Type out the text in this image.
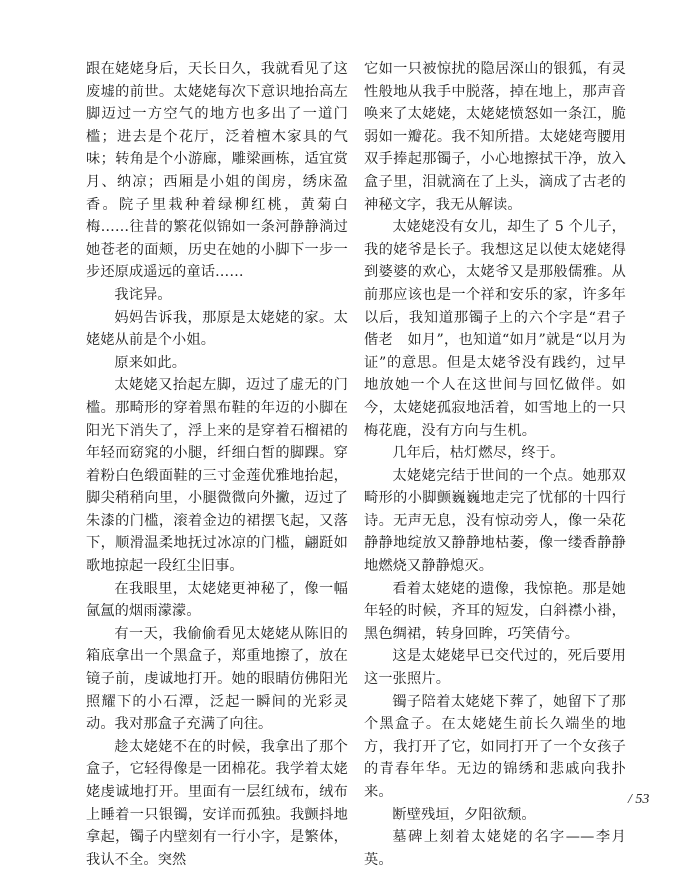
跟在姥姥身后，天长日久，我就看见了这废墟的前世。太姥姥每次下意识地抬高左脚迈过一方空气的地方也多出了一道门槛；进去是个花厅，泛着檀木家具的气味；转角是个小游廊，雕梁画栋，适宜赏月、纳凉；西厢是小姐的闺房，绣床盈香。院子里栽种着绿柳红桃，黄菊白梅……往昔的繁花似锦如一条河静静淌过她苍老的面颊，历史在她的小脚下一步一步还原成遥远的童话……

我诧异。

妈妈告诉我，那原是太姥姥的家。太姥姥从前是个小姐。

原来如此。

太姥姥又抬起左脚，迈过了虚无的门槛。那畸形的穿着黑布鞋的年迈的小脚在阳光下消失了，浮上来的是穿着石榴裙的年轻而窈窕的小腿，纤细白皙的脚踝。穿着粉白色缎面鞋的三寸金莲优雅地抬起，脚尖稍稍向里，小腿微微向外撇，迈过了朱漆的门槛，滚着金边的裙摆飞起，又落下，顺滑温柔地抚过冰凉的门槛，翩跹如歌地掠起一段红尘旧事。

在我眼里，太姥姥更神秘了，像一幅氤氲的烟雨濛濛。

有一天，我偷偷看见太姥姥从陈旧的箱底拿出一个黑盒子，郑重地擦了，放在镜子前，虔诚地打开。她的眼睛仿佛阳光照耀下的小石潭，泛起一瞬间的光彩灵动。我对那盒子充满了向往。

趁太姥姥不在的时候，我拿出了那个盒子，它轻得像是一团棉花。我学着太姥姥虔诚地打开。里面有一层红绒布，绒布上睡着一只银镯，安详而孤独。我颤抖地拿起，镯子内壁刻有一行小字，是繁体，我认不全。突然

它如一只被惊扰的隐居深山的银狐，有灵性般地从我手中脱落，掉在地上，那声音唤来了太姥姥，太姥姥愤怒如一条江，脆弱如一瓣花。我不知所措。太姥姥弯腰用双手捧起那镯子，小心地擦拭干净，放入盒子里，泪就滴在了上头，滴成了古老的神秘文字，我无从解读。

太姥姥没有女儿，却生了 5 个儿子，我的姥爷是长子。我想这足以使太姥姥得到婆婆的欢心，太姥爷又是那般儒雅。从前那应该也是一个祥和安乐的家，许多年以后，我知道那镯子上的六个字是“君子偕老　如月”，也知道“如月”就是“以月为证”的意思。但是太姥爷没有践约，过早地放她一个人在这世间与回忆做伴。如今，太姥姥孤寂地活着，如雪地上的一只梅花鹿，没有方向与生机。

几年后，枯灯燃尽，终于。

太姥姥完结于世间的一个点。她那双畸形的小脚颤巍巍地走完了忧郁的十四行诗。无声无息，没有惊动旁人，像一朵花静静地绽放又静静地枯萎，像一缕香静静地燃烧又静静熄灭。

看着太姥姥的遗像，我惊艳。那是她年轻的时候，齐耳的短发，白斜襟小褂，黑色绸裙，转身回眸，巧笑倩兮。

这是太姥姥早已交代过的，死后要用这一张照片。

镯子陪着太姥姥下葬了，她留下了那个黑盒子。在太姥姥生前长久端坐的地方，我打开了它，如同打开了一个女孩子的青春年华。无边的锦绣和悲戚向我扑来。

断壁残垣，夕阳欲颓。

墓碑上刻着太姥姥的名字——李月英。

/ 53
